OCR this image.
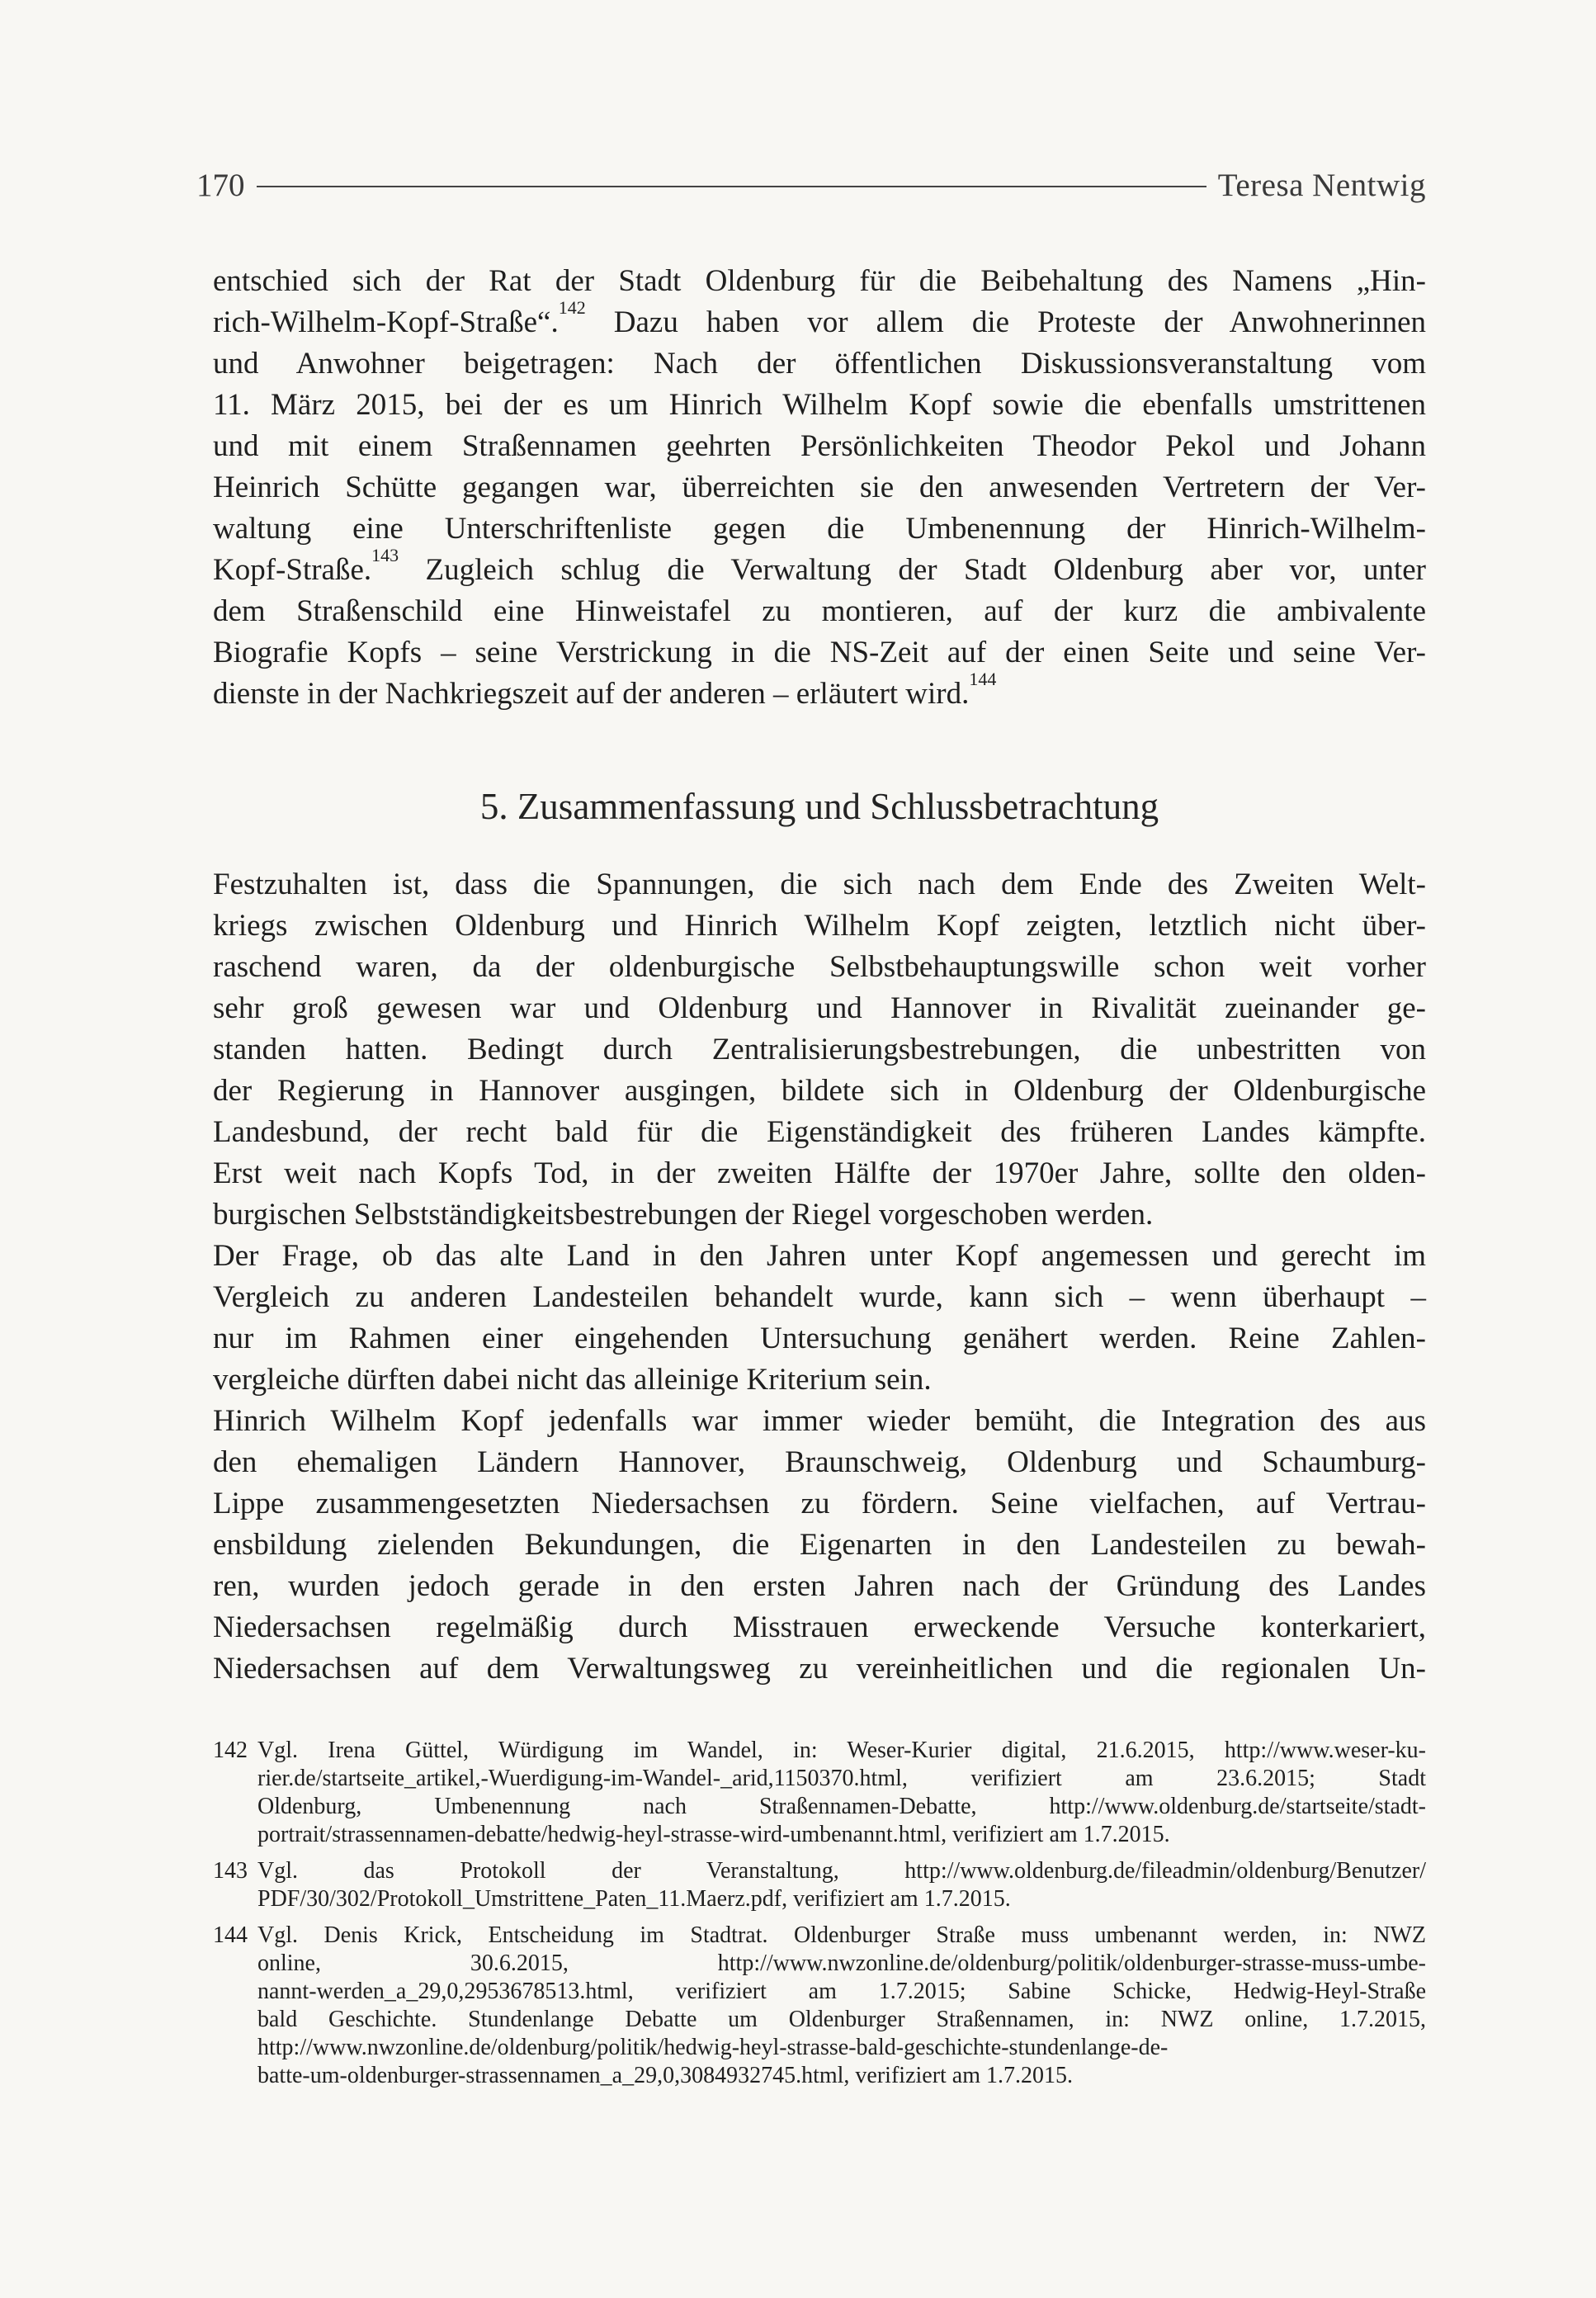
170	Teresa Nentwig
entschied sich der Rat der Stadt Oldenburg für die Beibehaltung des Namens „Hin-
rich-Wilhelm-Kopf-Straße“.$^{142}$ Dazu haben vor allem die Proteste der Anwohnerinnen
und Anwohner beigetragen: Nach der öffentlichen Diskussionsveranstaltung vom
11. März 2015, bei der es um Hinrich Wilhelm Kopf sowie die ebenfalls umstrittenen
und mit einem Straßennamen geehrten Persönlichkeiten Theodor Pekol und Johann
Heinrich Schütte gegangen war, überreichten sie den anwesenden Vertretern der Ver-
waltung eine Unterschriftenliste gegen die Umbenennung der Hinrich-Wilhelm-
Kopf-Straße.$^{143}$ Zugleich schlug die Verwaltung der Stadt Oldenburg aber vor, unter
dem Straßenschild eine Hinweistafel zu montieren, auf der kurz die ambivalente
Biografie Kopfs – seine Verstrickung in die NS-Zeit auf der einen Seite und seine Ver-
dienste in der Nachkriegszeit auf der anderen – erläutert wird.$^{144}$
5. Zusammenfassung und Schlussbetrachtung
Festzuhalten ist, dass die Spannungen, die sich nach dem Ende des Zweiten Welt-
kriegs zwischen Oldenburg und Hinrich Wilhelm Kopf zeigten, letztlich nicht über-
raschend waren, da der oldenburgische Selbstbehauptungswille schon weit vorher
sehr groß gewesen war und Oldenburg und Hannover in Rivalität zueinander ge-
standen hatten. Bedingt durch Zentralisierungsbestrebungen, die unbestritten von
der Regierung in Hannover ausgingen, bildete sich in Oldenburg der Oldenburgische
Landesbund, der recht bald für die Eigenständigkeit des früheren Landes kämpfte.
Erst weit nach Kopfs Tod, in der zweiten Hälfte der 1970er Jahre, sollte den olden-
burgischen Selbstständigkeitsbestrebungen der Riegel vorgeschoben werden.
Der Frage, ob das alte Land in den Jahren unter Kopf angemessen und gerecht im
Vergleich zu anderen Landesteilen behandelt wurde, kann sich – wenn überhaupt –
nur im Rahmen einer eingehenden Untersuchung genähert werden. Reine Zahlen-
vergleiche dürften dabei nicht das alleinige Kriterium sein.
Hinrich Wilhelm Kopf jedenfalls war immer wieder bemüht, die Integration des aus
den ehemaligen Ländern Hannover, Braunschweig, Oldenburg und Schaumburg-
Lippe zusammengesetzten Niedersachsen zu fördern. Seine vielfachen, auf Vertrau-
ensbildung zielenden Bekundungen, die Eigenarten in den Landesteilen zu bewah-
ren, wurden jedoch gerade in den ersten Jahren nach der Gründung des Landes
Niedersachsen regelmäßig durch Misstrauen erweckende Versuche konterkariert,
Niedersachsen auf dem Verwaltungsweg zu vereinheitlichen und die regionalen Un-
142 Vgl. Irena Güttel, Würdigung im Wandel, in: Weser-Kurier digital, 21.6.2015, http://www.weser-ku-
rier.de/startseite_artikel,-Wuerdigung-im-Wandel-_arid,1150370.html, verifiziert am 23.6.2015; Stadt
Oldenburg, Umbenennung nach Straßennamen-Debatte, http://www.oldenburg.de/startseite/stadt-
portrait/strassennamen-debatte/hedwig-heyl-strasse-wird-umbenannt.html, verifiziert am 1.7.2015.
143 Vgl. das Protokoll der Veranstaltung, http://www.oldenburg.de/fileadmin/oldenburg/Benutzer/
PDF/30/302/Protokoll_Umstrittene_Paten_11.Maerz.pdf, verifiziert am 1.7.2015.
144 Vgl. Denis Krick, Entscheidung im Stadtrat. Oldenburger Straße muss umbenannt werden, in: NWZ
online, 30.6.2015, http://www.nwzonline.de/oldenburg/politik/oldenburger-strasse-muss-umbe-
nannt-werden_a_29,0,2953678513.html, verifiziert am 1.7.2015; Sabine Schicke, Hedwig-Heyl-Straße
bald Geschichte. Stundenlange Debatte um Oldenburger Straßennamen, in: NWZ online, 1.7.2015,
http://www.nwzonline.de/oldenburg/politik/hedwig-heyl-strasse-bald-geschichte-stundenlange-de-
batte-um-oldenburger-strassennamen_a_29,0,3084932745.html, verifiziert am 1.7.2015.
